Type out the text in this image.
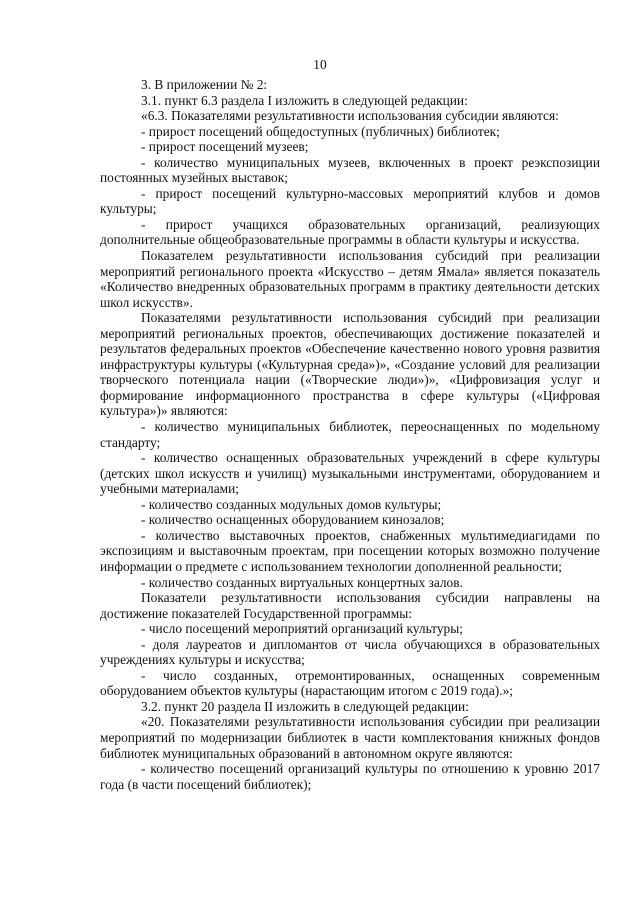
10

3. В приложении № 2:

3.1. пункт 6.3 раздела I изложить в следующей редакции:

«6.3. Показателями результативности использования субсидии являются:

- прирост посещений общедоступных (публичных) библиотек;

- прирост посещений музеев;

- количество муниципальных музеев, включенных в проект реэкспозиции постоянных музейных выставок;

- прирост посещений культурно-массовых мероприятий клубов и домов культуры;

- прирост учащихся образовательных организаций, реализующих дополнительные общеобразовательные программы в области культуры и искусства.

Показателем результативности использования субсидий при реализации мероприятий регионального проекта «Искусство – детям Ямала» является показатель «Количество внедренных образовательных программ в практику деятельности детских школ искусств».

Показателями результативности использования субсидий при реализации мероприятий региональных проектов, обеспечивающих достижение показателей и результатов федеральных проектов «Обеспечение качественно нового уровня развития инфраструктуры культуры («Культурная среда»)», «Создание условий для реализации творческого потенциала нации («Творческие люди»)», «Цифровизация услуг и формирование информационного пространства в сфере культуры («Цифровая культура»)» являются:

- количество муниципальных библиотек, переоснащенных по модельному стандарту;

- количество оснащенных образовательных учреждений в сфере культуры (детских школ искусств и училищ) музыкальными инструментами, оборудованием и учебными материалами;

- количество созданных модульных домов культуры;

- количество оснащенных оборудованием кинозалов;

- количество выставочных проектов, снабженных мультимедиагидами по экспозициям и выставочным проектам, при посещении которых возможно получение информации о предмете с использованием технологии дополненной реальности;

- количество созданных виртуальных концертных залов.

Показатели результативности использования субсидии направлены на достижение показателей Государственной программы:

- число посещений мероприятий организаций культуры;

- доля лауреатов и дипломантов от числа обучающихся в образовательных учреждениях культуры и искусства;

- число созданных, отремонтированных, оснащенных современным оборудованием объектов культуры (нарастающим итогом с 2019 года).»;

3.2. пункт 20 раздела II изложить в следующей редакции:

«20. Показателями результативности использования субсидии при реализации мероприятий по модернизации библиотек в части комплектования книжных фондов библиотек муниципальных образований в автономном округе являются:

- количество посещений организаций культуры по отношению к уровню 2017 года (в части посещений библиотек);
